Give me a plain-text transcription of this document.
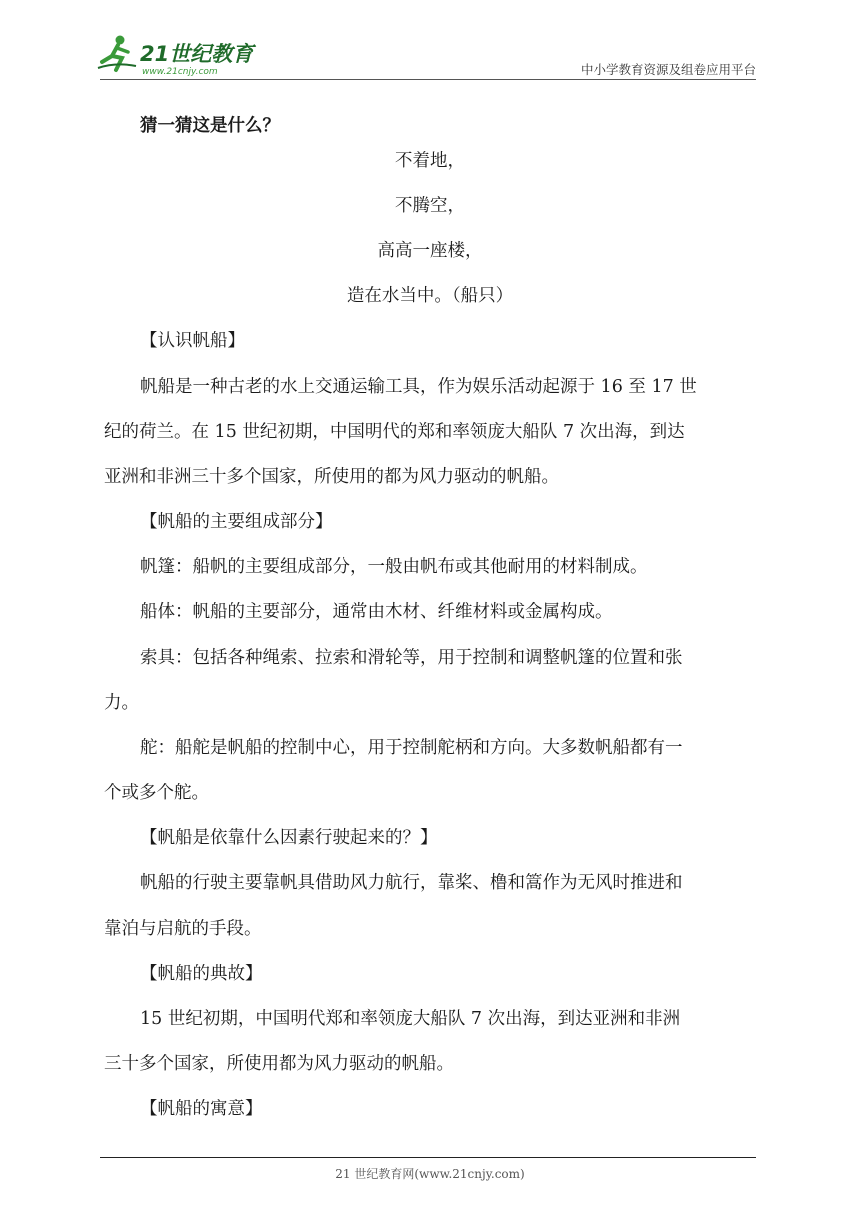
21世纪教育
www.21cnjy.com	中小学教育资源及组卷应用平台
猜一猜这是什么？
不着地，
不腾空，
高高一座楼，
造在水当中。（船只）
【认识帆船】
帆船是一种古老的水上交通运输工具，作为娱乐活动起源于 16 至 17 世
纪的荷兰。在 15 世纪初期，中国明代的郑和率领庞大船队 7 次出海，到达
亚洲和非洲三十多个国家，所使用的都为风力驱动的帆船。
【帆船的主要组成部分】
帆篷：船帆的主要组成部分，一般由帆布或其他耐用的材料制成。
船体：帆船的主要部分，通常由木材、纤维材料或金属构成。
索具：包括各种绳索、拉索和滑轮等，用于控制和调整帆篷的位置和张
力。
舵：船舵是帆船的控制中心，用于控制舵柄和方向。大多数帆船都有一
个或多个舵。
【帆船是依靠什么因素行驶起来的？】
帆船的行驶主要靠帆具借助风力航行，靠桨、橹和篙作为无风时推进和
靠泊与启航的手段。
【帆船的典故】
15 世纪初期，中国明代郑和率领庞大船队 7 次出海，到达亚洲和非洲
三十多个国家，所使用都为风力驱动的帆船。
【帆船的寓意】
21 世纪教育网(www.21cnjy.com)
